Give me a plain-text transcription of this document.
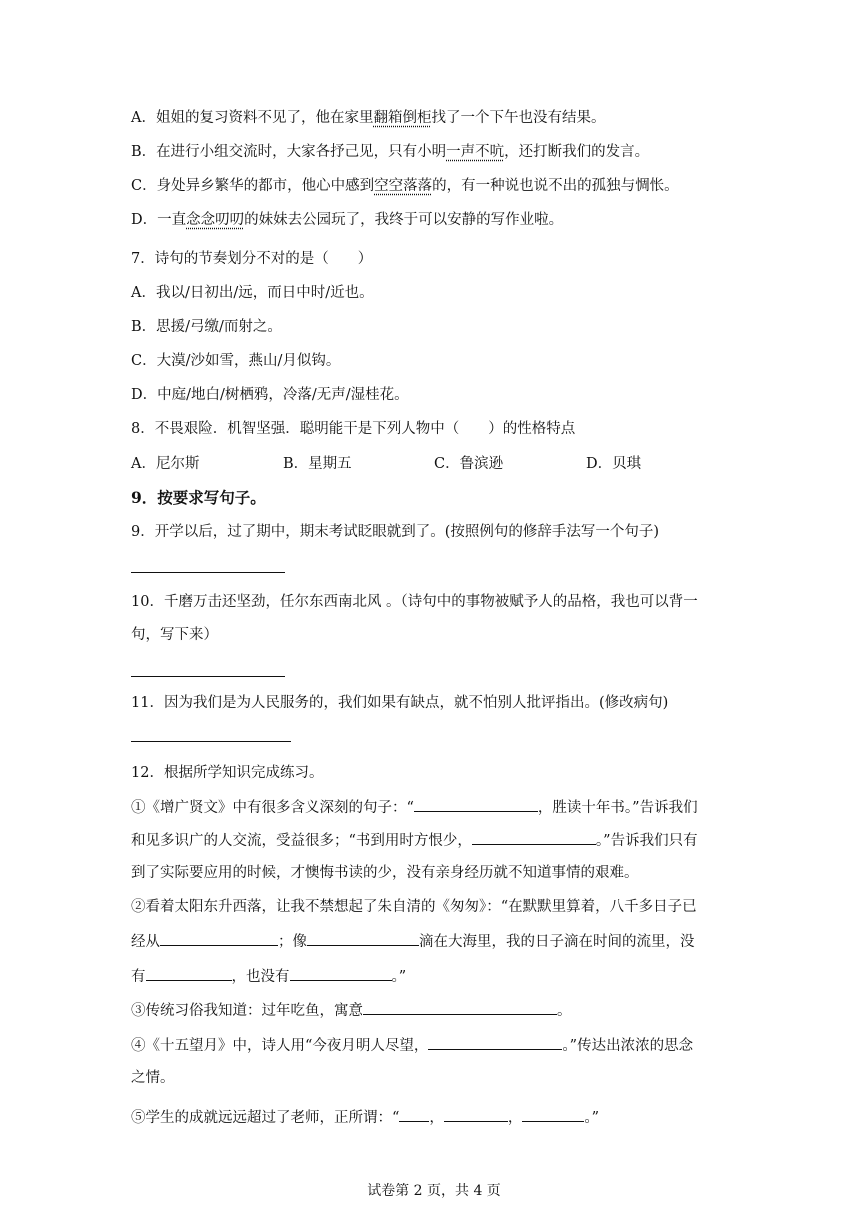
A．姐姐的复习资料不见了，他在家里翻箱倒柜找了一个下午也没有结果。
B．在进行小组交流时，大家各抒己见，只有小明一声不吭，还打断我们的发言。
C．身处异乡繁华的都市，他心中感到空空落落的，有一种说也说不出的孤独与惆怅。
D．一直念念叨叨的妹妹去公园玩了，我终于可以安静的写作业啦。
7．诗句的节奏划分不对的是（　　）
A．我以/日初出/远，而日中时/近也。
B．思援/弓缴/而射之。
C．大漠/沙如雪，燕山/月似钩。
D．中庭/地白/树栖鸦，冷落/无声/湿桂花。
8．不畏艰险．机智坚强．聪明能干是下列人物中（　　）的性格特点
A．尼尔斯	B．星期五	C．鲁滨逊	D．贝琪
9．按要求写句子。
9．开学以后，过了期中，期末考试眨眼就到了。(按照例句的修辞手法写一个句子)
10．千磨万击还坚劲，任尔东西南北风 。（诗句中的事物被赋予人的品格，我也可以背一
句，写下来）
11．因为我们是为人民服务的，我们如果有缺点，就不怕别人批评指出。(修改病句)
12．根据所学知识完成练习。
①《增广贤文》中有很多含义深刻的句子：“	，胜读十年书。”告诉我们
和见多识广的人交流，受益很多；“书到用时方恨少，	。”告诉我们只有
到了实际要应用的时候，才懊悔书读的少，没有亲身经历就不知道事情的艰难。
②看着太阳东升西落，让我不禁想起了朱自清的《匆匆》：“在默默里算着，八千多日子已
经从	；像	滴在大海里，我的日子滴在时间的流里，没
有	，也没有	。”
③传统习俗我知道：过年吃鱼，寓意	。
④《十五望月》中，诗人用“今夜月明人尽望，	。”传达出浓浓的思念
之情。
⑤学生的成就远远超过了老师，正所谓：“ ，	，	。”
试卷第 2 页，共 4 页
